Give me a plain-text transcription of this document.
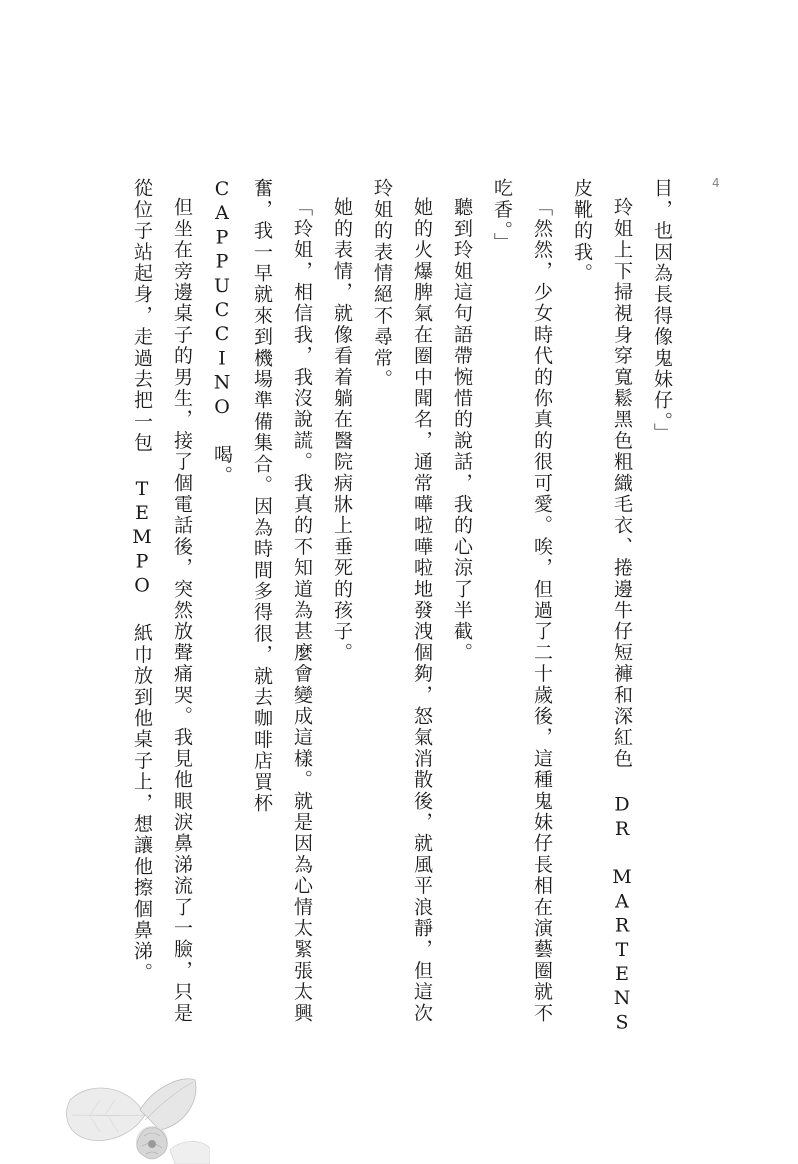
4

目，也因為長得像鬼妹仔。」

玲姐上下掃視身穿寬鬆黑色粗織毛衣、捲邊牛仔短褲和深紅色 DR MARTENS 皮靴的我。

「然然，少女時代的你真的很可愛。唉，但過了二十歲後，這種鬼妹仔長相在演藝圈就不吃香。」

聽到玲姐這句語帶惋惜的說話，我的心涼了半截。

她的火爆脾氣在圈中聞名，通常嘩啦嘩啦地發洩個夠，怒氣消散後，就風平浪靜，但這次玲姐的表情絕不尋常。

她的表情，就像看着躺在醫院病牀上垂死的孩子。

「玲姐，相信我，我沒說謊。我真的不知道為甚麼會變成這樣。就是因為心情太緊張太興奮，我一早就來到機場準備集合。因為時間多得很，就去咖啡店買杯 CAPPUCCINO 喝。

但坐在旁邊桌子的男生，接了個電話後，突然放聲痛哭。我見他眼淚鼻涕流了一臉，只是從位子站起身，走過去把一包 TEMPO 紙巾放到他桌子上，想讓他擦個鼻涕。
